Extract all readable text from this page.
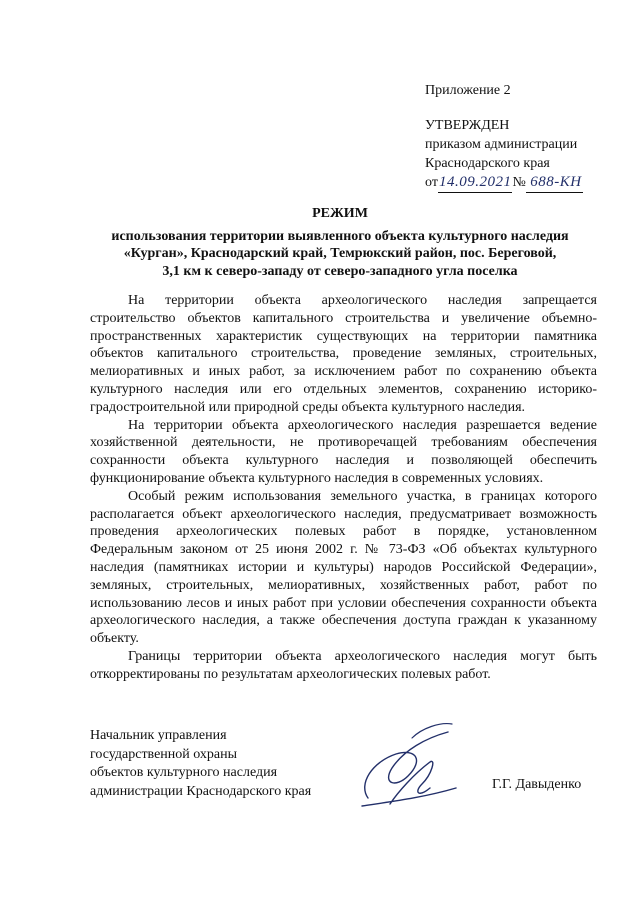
Приложение 2
УТВЕРЖДЕН
приказом администрации
Краснодарского края
от14.09.2021№ 688-КН
РЕЖИМ
использования территории выявленного объекта культурного наследия
«Курган», Краснодарский край, Темрюкский район, пос. Береговой,
3,1 км к северо-западу от северо-западного угла поселка

На территории объекта археологического наследия запрещается строительство объектов капитального строительства и увеличение объемно-пространственных характеристик существующих на территории памятника объектов капитального строительства, проведение земляных, строительных, мелиоративных и иных работ, за исключением работ по сохранению объекта культурного наследия или его отдельных элементов, сохранению историко-градостроительной или природной среды объекта культурного наследия.

На территории объекта археологического наследия разрешается ведение хозяйственной деятельности, не противоречащей требованиям обеспечения сохранности объекта культурного наследия и позволяющей обеспечить функционирование объекта культурного наследия в современных условиях.

Особый режим использования земельного участка, в границах которого располагается объект археологического наследия, предусматривает возможность проведения археологических полевых работ в порядке, установленном Федеральным законом от 25 июня 2002 г. № 73-ФЗ «Об объектах культурного наследия (памятниках истории и культуры) народов Российской Федерации», земляных, строительных, мелиоративных, хозяйственных работ, работ по использованию лесов и иных работ при условии обеспечения сохранности объекта археологического наследия, а также обеспечения доступа граждан к указанному объекту.

Границы территории объекта археологического наследия могут быть откорректированы по результатам археологических полевых работ.

Начальник управления
государственной охраны
объектов культурного наследия
администрации Краснодарского края	Г.Г. Давыденко
